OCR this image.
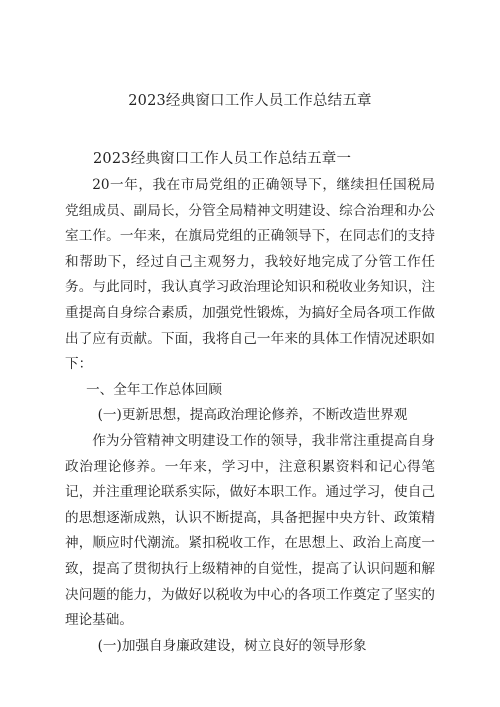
2023经典窗口工作人员工作总结五章
2023经典窗口工作人员工作总结五章一

20一年，我在市局党组的正确领导下，继续担任国税局党组成员、副局长，分管全局精神文明建设、综合治理和办公室工作。一年来，在旗局党组的正确领导下，在同志们的支持和帮助下，经过自己主观努力，我较好地完成了分管工作任务。与此同时，我认真学习政治理论知识和税收业务知识，注重提高自身综合素质，加强党性锻炼，为搞好全局各项工作做出了应有贡献。下面，我将自己一年来的具体工作情况述职如下：

一、全年工作总体回顾

(一)更新思想，提高政治理论修养，不断改造世界观

作为分管精神文明建设工作的领导，我非常注重提高自身政治理论修养。一年来，学习中，注意积累资料和记心得笔记，并注重理论联系实际，做好本职工作。通过学习，使自己的思想逐渐成熟，认识不断提高，具备把握中央方针、政策精神，顺应时代潮流。紧扣税收工作，在思想上、政治上高度一致，提高了贯彻执行上级精神的自觉性，提高了认识问题和解决问题的能力，为做好以税收为中心的各项工作奠定了坚实的理论基础。

(一)加强自身廉政建设，树立良好的领导形象
